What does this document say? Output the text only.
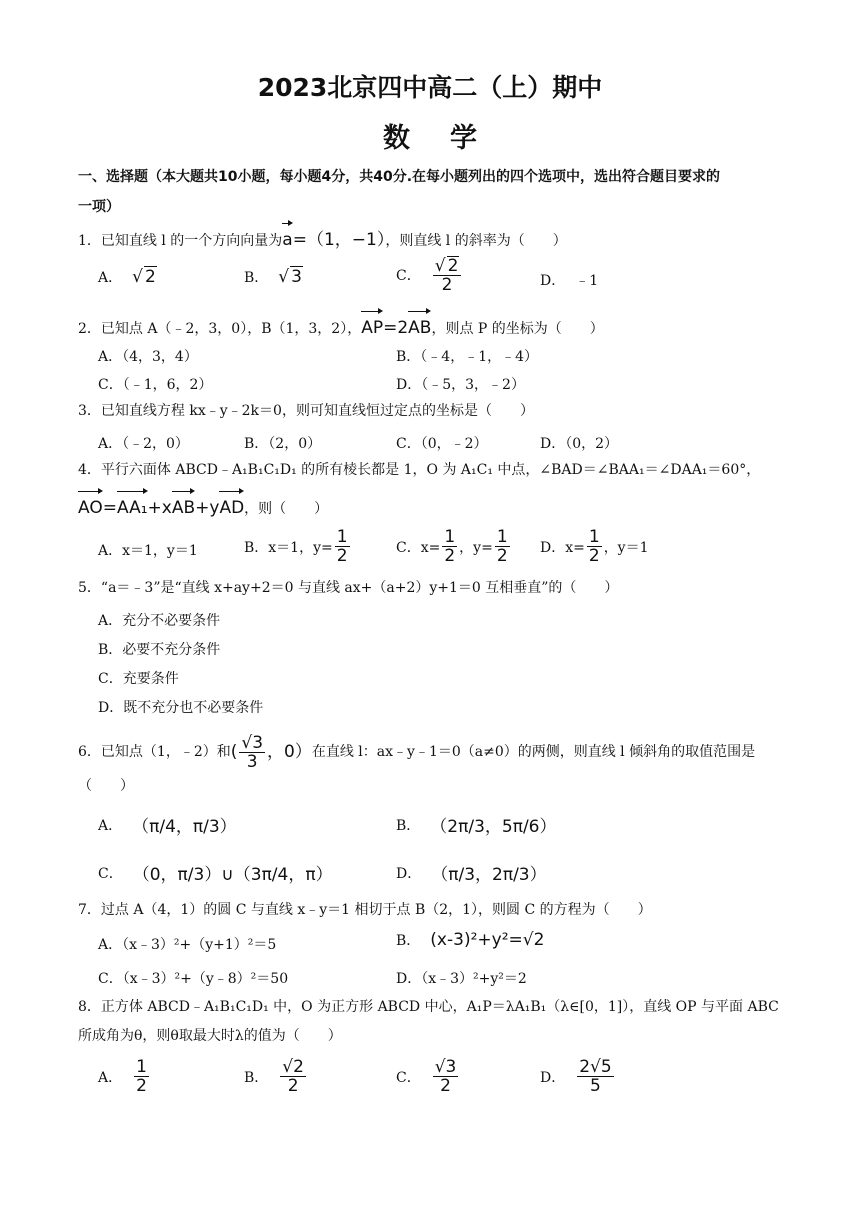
2023北京四中高二（上）期中
数学
一、选择题（本大题共10小题，每小题4分，共40分.在每小题列出的四个选项中，选出符合题目要求的
一项）
1．已知直线 l 的一个方向向量为a=（1，−1），则直线 l 的斜率为（　　）
A． √ 2	B． √ 3	C． $\frac{√ 2}{2}$	D． ﹣1
2．已知点 A（﹣2，3，0），B（1，3，2），AP=2AB，则点 P 的坐标为（　　）
A．（4，3，4）	B．（﹣4，﹣1，﹣4）
C．（﹣1，6，2）	D．（﹣5，3，﹣2）
3．已知直线方程 kx﹣y﹣2k＝0，则可知直线恒过定点的坐标是（　　）
A．（﹣2，0）	B．（2，0）	C．（0，﹣2）	D．（0，2）
4．平行六面体 ABCD﹣A₁B₁C₁D₁ 的所有棱长都是 1，O 为 A₁C₁ 中点，∠BAD＝∠BAA₁＝∠DAA₁＝60°，
AO=AA₁+xAB+yAD，则（　　）
A．x＝1，y＝1	B．x＝1，$y= \frac{1}{2}$	C．$x= \frac{1}{2}$ ，$y= \frac{1}{2}$ D．$x= \frac{1}{2}$ ，y＝1
5．“a＝﹣3”是“直线 x+ay+2＝0 与直线 ax+（a+2）y+1＝0 互相垂直”的（　　）
A．充分不必要条件
B．必要不充分条件
C．充要条件
D．既不充分也不必要条件
6．已知点（1，﹣2）和 ( $\frac{√3}{3}$ ，0） 在直线 l：ax﹣y﹣1＝0（a≠0）的两侧，则直线 l 倾斜角的取值范围是
（　　）
A． （π/4，π/3）	B． （2π/3，5π/6）
C． （0，π/3）∪（3π/4，π）	D． （π/3，2π/3）
7．过点 A（4，1）的圆 C 与直线 x﹣y＝1 相切于点 B（2，1），则圆 C 的方程为（　　）
A．（x﹣3）²+（y+1）²＝5	B． (x-3)²+y²=√2
C．（x﹣3）²+（y﹣8）²＝50	D．（x﹣3）²+y²＝2
8．正方体 ABCD﹣A₁B₁C₁D₁ 中，O 为正方形 ABCD 中心，A₁P＝λA₁B₁（λ∈[0，1]），直线 OP 与平面 ABC
所成角为θ，则θ取最大时λ的值为（　　）
A． $\frac{1}{2}$	B． $\frac{√2}{2}$	C． $\frac{√3}{2}$	D． $\frac{2√5}{5}$
